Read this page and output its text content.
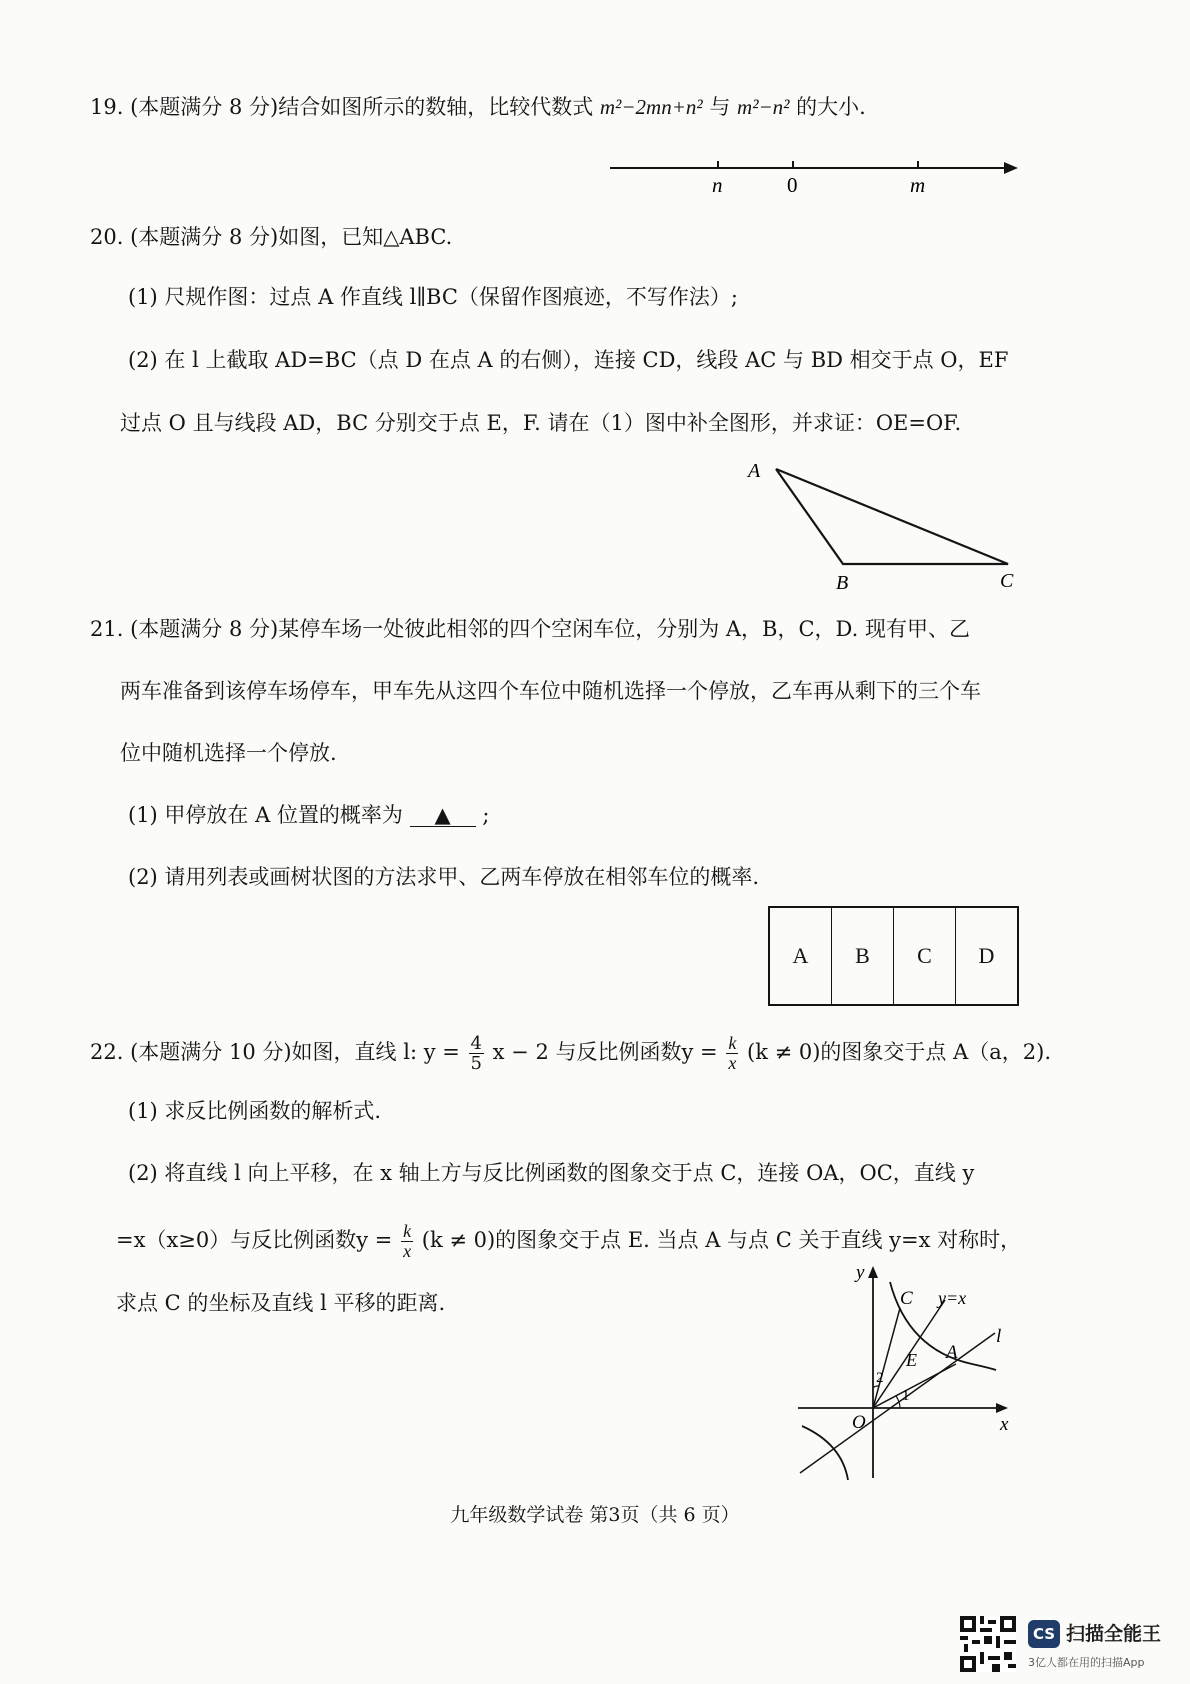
19. (本题满分 8 分)结合如图所示的数轴，比较代数式 m²−2mn+n² 与 m²−n² 的大小.
n	0	m
20. (本题满分 8 分)如图，已知△ABC.
(1) 尺规作图：过点 A 作直线 l∥BC（保留作图痕迹，不写作法）;
(2) 在 l 上截取 AD=BC（点 D 在点 A 的右侧），连接 CD，线段 AC 与 BD 相交于点 O，EF
过点 O 且与线段 AD，BC 分别交于点 E，F. 请在（1）图中补全图形，并求证：OE=OF.
A
B	C
21. (本题满分 8 分)某停车场一处彼此相邻的四个空闲车位，分别为 A，B，C，D. 现有甲、乙
两车准备到该停车场停车，甲车先从这四个车位中随机选择一个停放，乙车再从剩下的三个车
位中随机选择一个停放.
(1) 甲停放在 A 位置的概率为 ▲ ;
(2) 请用列表或画树状图的方法求甲、乙两车停放在相邻车位的概率.
A	B	C	D
22. (本题满分 10 分)如图，直线 l: $y = \frac{4}{5}$ x − 2 与反比例函数$y = \frac{k}{x} (k \ne 0)$的图象交于点 A（a，2).
(1) 求反比例函数的解析式.
(2) 将直线 l 向上平移，在 x 轴上方与反比例函数的图象交于点 C，连接 OA，OC，直线 y
=x（x≥0）与反比例函数$y = \frac{k}{x} (k \ne 0)$的图象交于点 E. 当点 A 与点 C 关于直线 y=x 对称时，
求点 C 的坐标及直线 l 平移的距离.
y
x
O
C y=x
E A
l
1
2
九年级数学试卷 第3页（共 6 页）
CS 扫描全能王
3亿人都在用的扫描App
